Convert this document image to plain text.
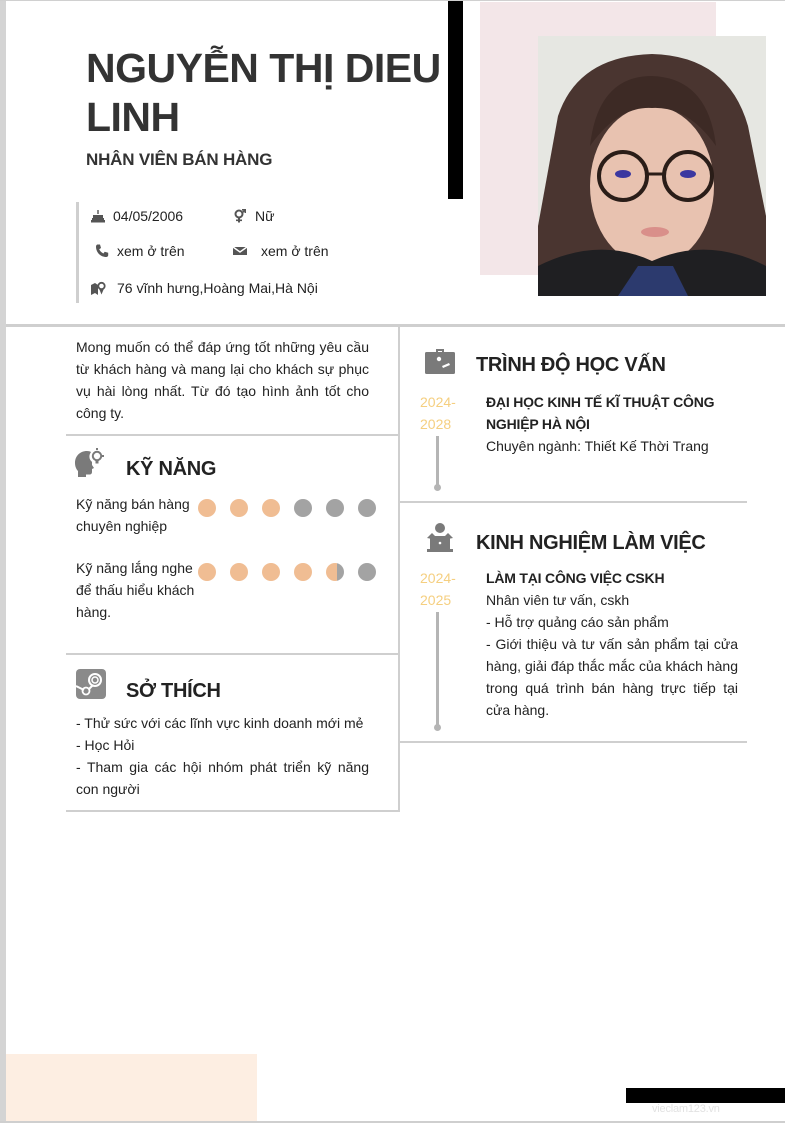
NGUYỄN THỊ DIEU LINH
NHÂN VIÊN BÁN HÀNG
04/05/2006	Nữ
xem ở trên	xem ở trên
76 vĩnh hưng,Hoàng Mai,Hà Nội

Mong muốn có thể đáp ứng tốt những yêu cầu từ khách hàng và mang lại cho khách sự phục vụ hài lòng nhất. Từ đó tạo hình ảnh tốt cho công ty.

KỸ NĂNG
Kỹ năng bán hàng chuyên nghiệp
Kỹ năng lắng nghe để thấu hiểu khách hàng.
SỞ THÍCH
- Thử sức với các lĩnh vực kinh doanh mới mẻ
- Học Hỏi
- Tham gia các hội nhóm phát triển kỹ năng con người
TRÌNH ĐỘ HỌC VẤN
2024-
2028
ĐẠI HỌC KINH TẾ KĨ THUẬT CÔNG NGHIỆP HÀ NỘI
Chuyên ngành: Thiết Kế Thời Trang
KINH NGHIỆM LÀM VIỆC
2024-
2025
LÀM TẠI CÔNG VIỆC CSKH
Nhân viên tư vấn, cskh
- Hỗ trợ quảng cáo sản phẩm
- Giới thiệu và tư vấn sản phẩm tại cửa hàng, giải đáp thắc mắc của khách hàng trong quá trình bán hàng trực tiếp tại cửa hàng.
vieclam123.vn
